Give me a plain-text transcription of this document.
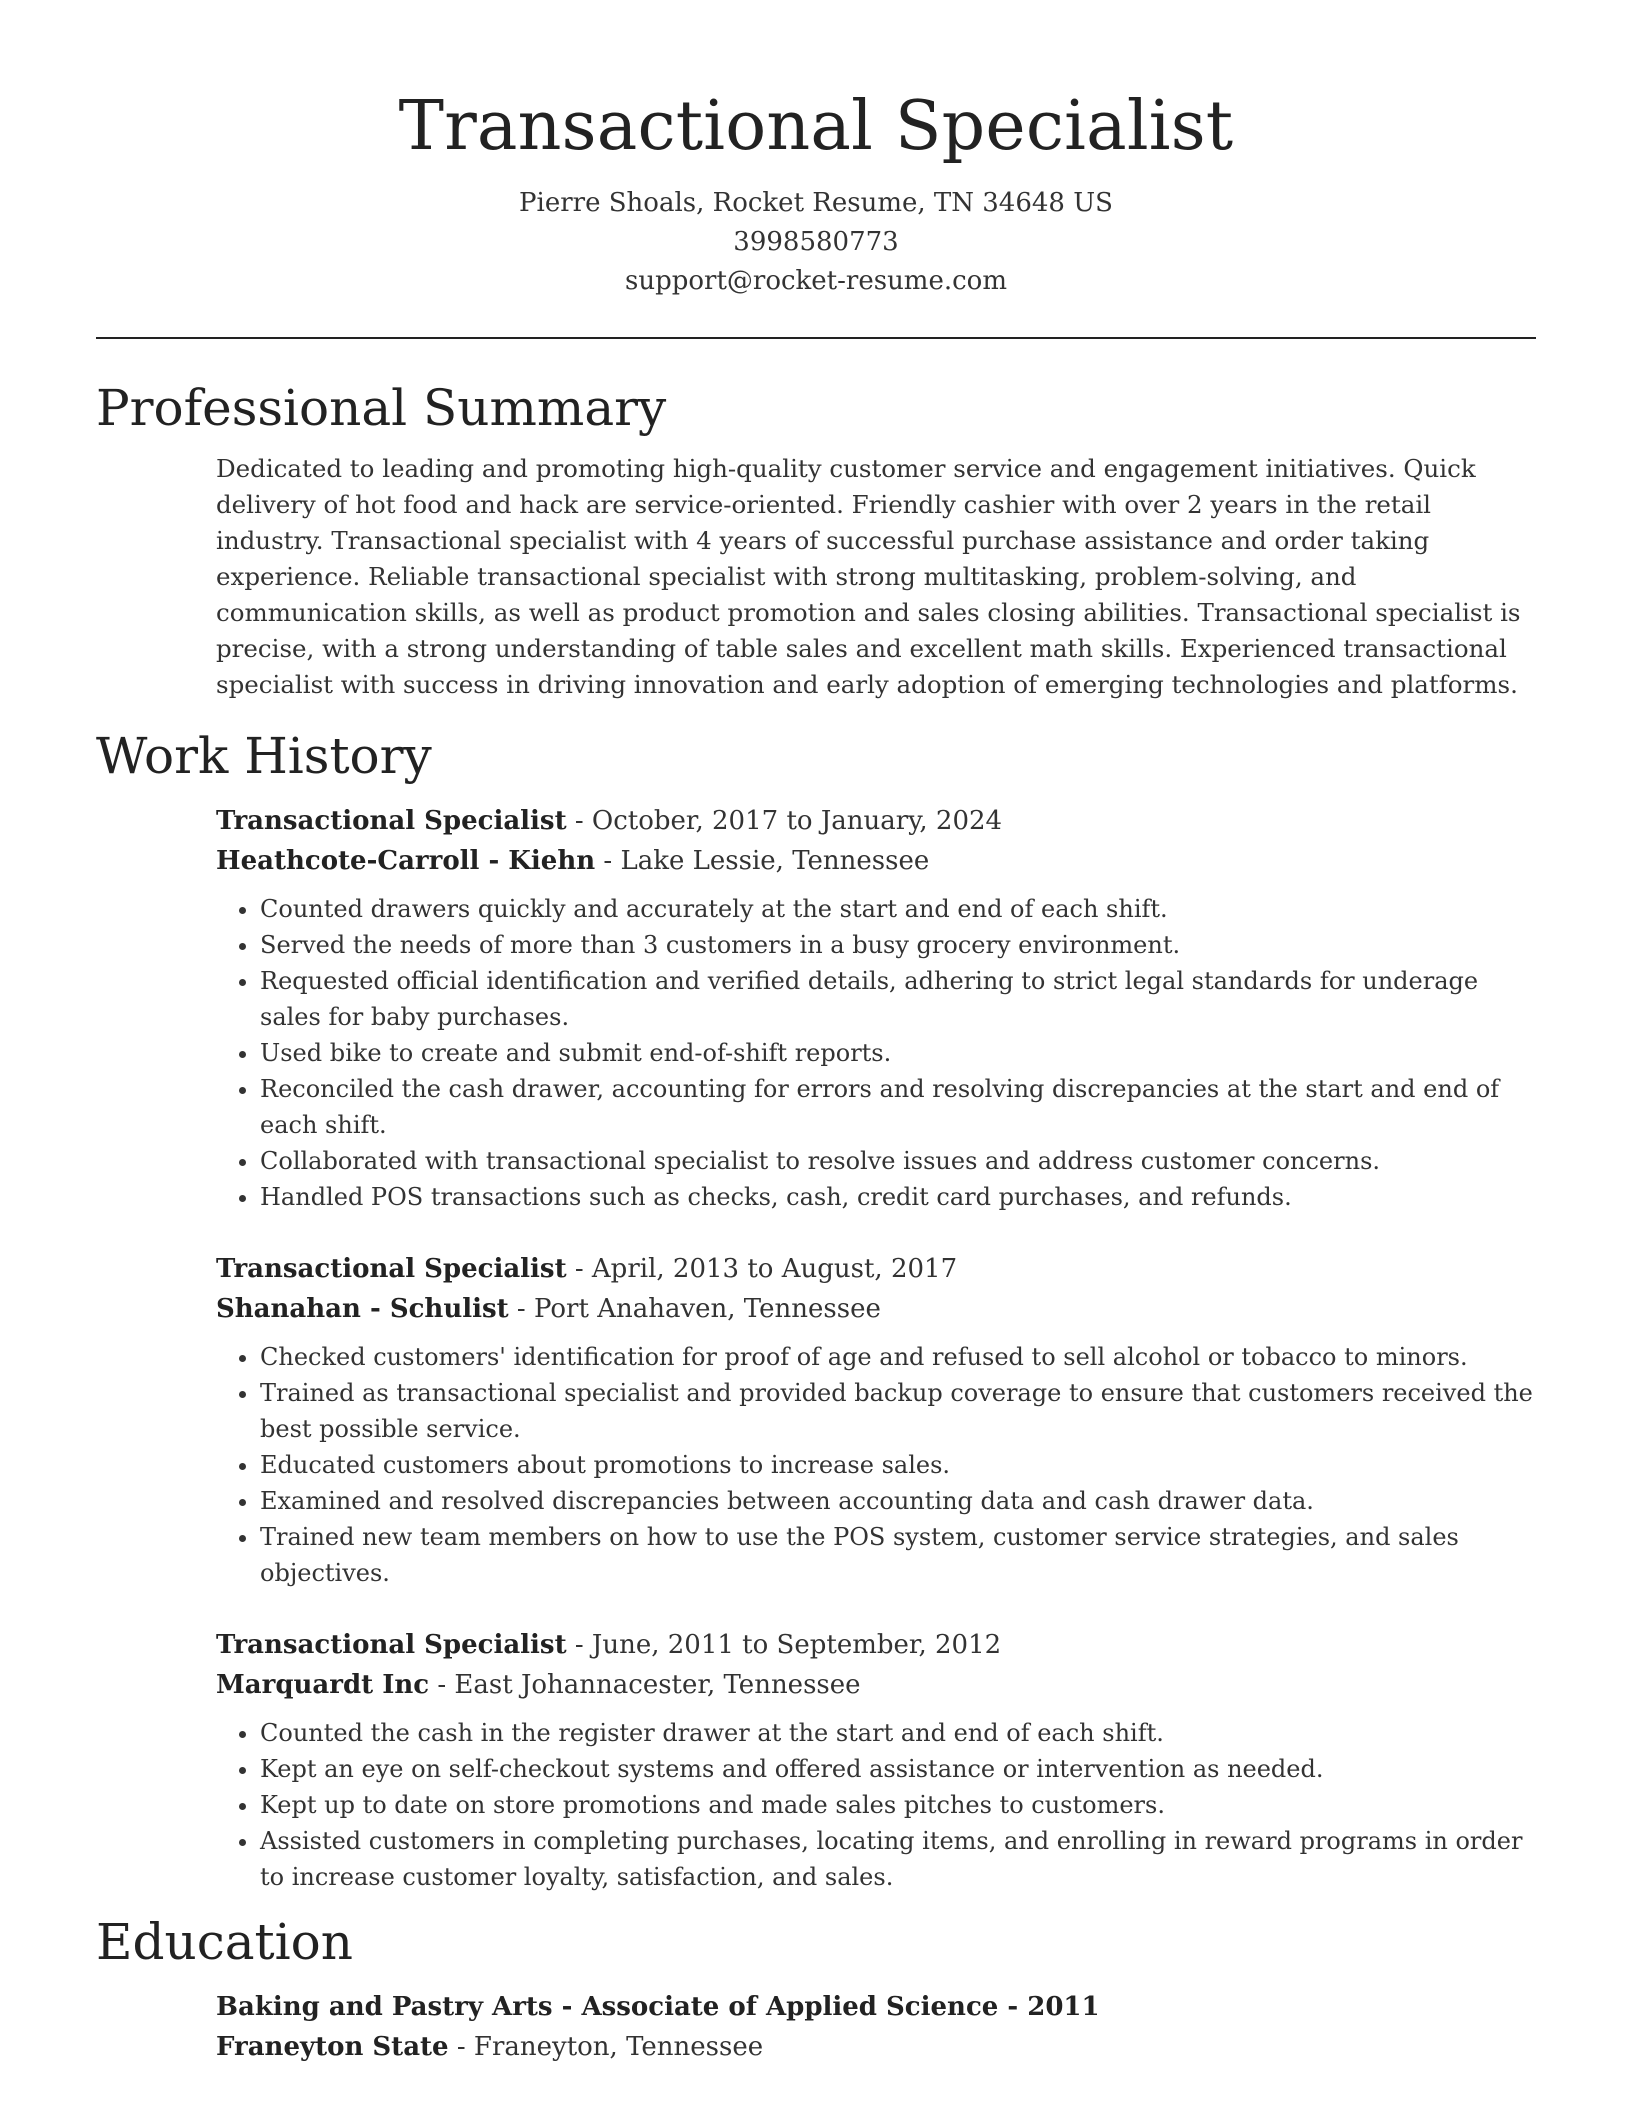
Transactional Specialist
Pierre Shoals, Rocket Resume, TN 34648 US
3998580773
support@rocket-resume.com
Professional Summary
Dedicated to leading and promoting high-quality customer service and engagement initiatives. Quick delivery of hot food and hack are service-oriented. Friendly cashier with over 2 years in the retail industry. Transactional specialist with 4 years of successful purchase assistance and order taking experience. Reliable transactional specialist with strong multitasking, problem-solving, and communication skills, as well as product promotion and sales closing abilities. Transactional specialist is precise, with a strong understanding of table sales and excellent math skills. Experienced transactional specialist with success in driving innovation and early adoption of emerging technologies and platforms.
Work History
Transactional Specialist - October, 2017 to January, 2024
Heathcote-Carroll - Kiehn - Lake Lessie, Tennessee
• Counted drawers quickly and accurately at the start and end of each shift.
• Served the needs of more than 3 customers in a busy grocery environment.
• Requested official identification and verified details, adhering to strict legal standards for underage sales for baby purchases.
• Used bike to create and submit end-of-shift reports.
• Reconciled the cash drawer, accounting for errors and resolving discrepancies at the start and end of each shift.
• Collaborated with transactional specialist to resolve issues and address customer concerns.
• Handled POS transactions such as checks, cash, credit card purchases, and refunds.
Transactional Specialist - April, 2013 to August, 2017
Shanahan - Schulist - Port Anahaven, Tennessee
• Checked customers' identification for proof of age and refused to sell alcohol or tobacco to minors.
• Trained as transactional specialist and provided backup coverage to ensure that customers received the best possible service.
• Educated customers about promotions to increase sales.
• Examined and resolved discrepancies between accounting data and cash drawer data.
• Trained new team members on how to use the POS system, customer service strategies, and sales objectives.
Transactional Specialist - June, 2011 to September, 2012
Marquardt Inc - East Johannacester, Tennessee
• Counted the cash in the register drawer at the start and end of each shift.
• Kept an eye on self-checkout systems and offered assistance or intervention as needed.
• Kept up to date on store promotions and made sales pitches to customers.
• Assisted customers in completing purchases, locating items, and enrolling in reward programs in order to increase customer loyalty, satisfaction, and sales.
Education
Baking and Pastry Arts - Associate of Applied Science - 2011
Franeyton State - Franeyton, Tennessee
